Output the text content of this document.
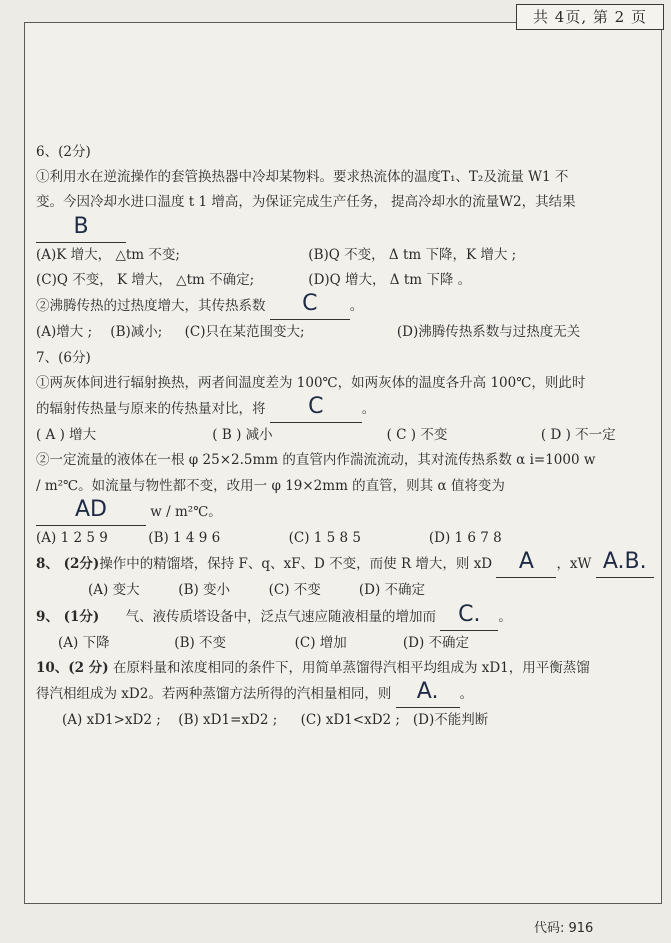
共 4页, 第 2 页
6、(2分)
①利用水在逆流操作的套管换热器中冷却某物料。要求热流体的温度T₁、T₂及流量 W1 不
变。今因冷却水进口温度 t 1 增高，为保证完成生产任务， 提高冷却水的流量W2，其结果
B
(A)K 增大， △tm 不变;	(B)Q 不变， Δ tm 下降，K 增大 ;
(C)Q 不变， K 增大， △tm 不确定;	(D)Q 增大， Δ tm 下降 。
②沸腾传热的过热度增大，其传热系数 C 。
(A)增大 ; (B)减小; (C)只在某范围变大;	(D)沸腾传热系数与过热度无关
7、(6分)
①两灰体间进行辐射换热，两者间温度差为 100℃，如两灰体的温度各升高 100℃，则此时
的辐射传热量与原来的传热量对比，将 C	。
( A ) 增大	( B ) 减小	( C ) 不变	( D ) 不一定
②一定流量的液体在一根 φ 25×2.5mm 的直管内作湍流流动，其对流传热系数 α i=1000 w
/ m²℃。如流量与物性都不变，改用一 φ 19×2mm 的直管，则其 α 值将变为
AD	w / m²℃。
(A) 1 2 5 9	(B) 1 4 9 6	(C) 1 5 8 5	(D) 1 6 7 8
8、 (2分)操作中的精馏塔，保持 F、q、xF、D 不变，而使 R 增大，则 xD A ，xW A.B.
(A) 变大	(B) 变小	(C) 不变	(D) 不确定
9、 (1分) 气、液传质塔设备中，泛点气速应随液相量的增加而 C. 。
(A) 下降	(B) 不变	(C) 增加	(D) 不确定
10、(2 分) 在原料量和浓度相同的条件下，用简单蒸馏得汽相平均组成为 xD1，用平衡蒸馏
得汽相组成为 xD2。若两种蒸馏方法所得的汽相量相同，则 A. 。
(A) xD1>xD2 ; (B) xD1=xD2 ; (C) xD1<xD2 ; (D)不能判断
代码: 916
